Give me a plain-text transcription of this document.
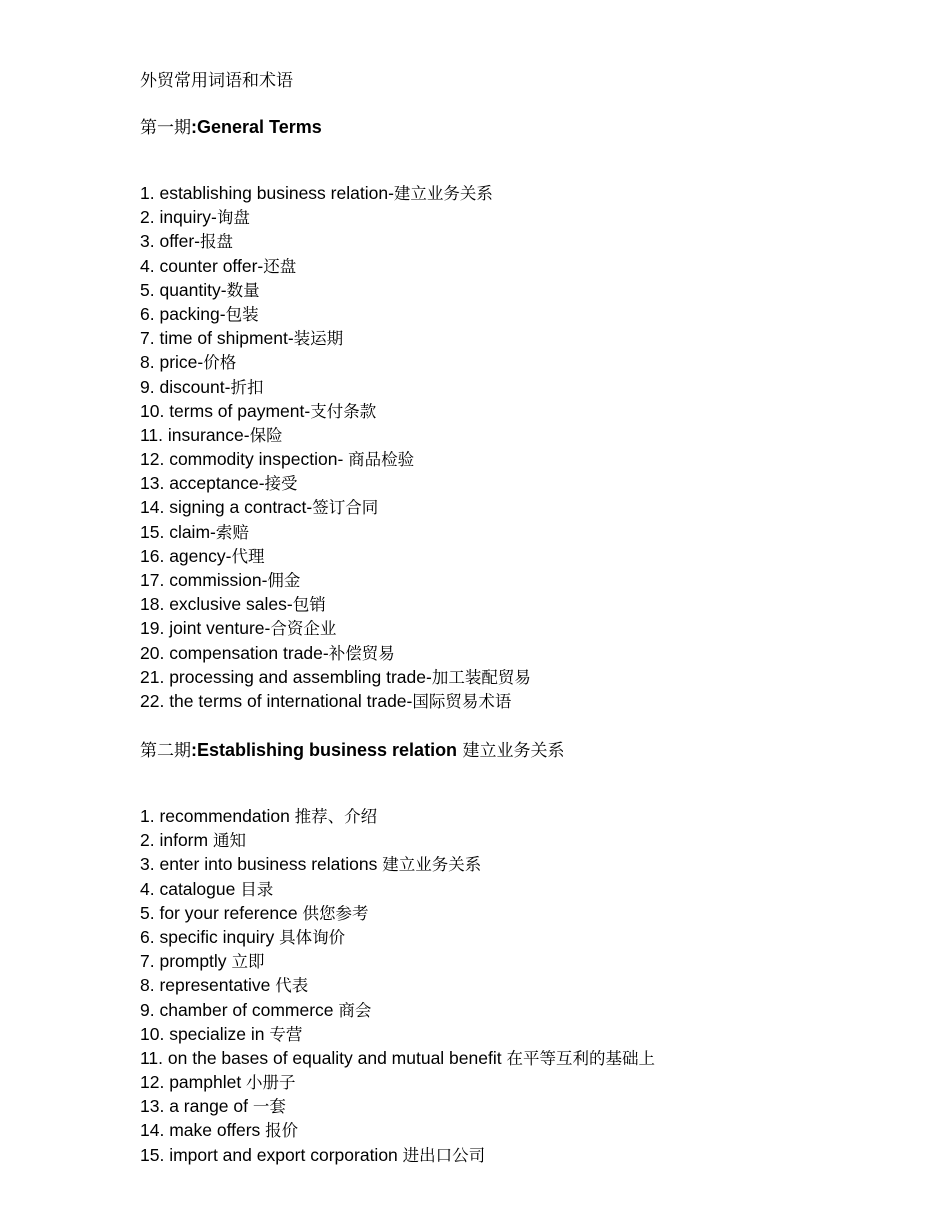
外贸常用词语和术语
第一期:General Terms
1. establishing business relation-建立业务关系
2. inquiry-询盘
3. offer-报盘
4. counter offer-还盘
5. quantity-数量
6. packing-包装
7. time of shipment-装运期
8. price-价格
9. discount-折扣
10. terms of payment-支付条款
11. insurance-保险
12. commodity inspection- 商品检验
13. acceptance-接受
14. signing a contract-签订合同
15. claim-索赔
16. agency-代理
17. commission-佣金
18. exclusive sales-包销
19. joint venture-合资企业
20. compensation trade-补偿贸易
21. processing and assembling trade-加工装配贸易
22. the terms of international trade-国际贸易术语
第二期:Establishing business relation 建立业务关系
1. recommendation 推荐、介绍
2. inform 通知
3. enter into business relations 建立业务关系
4. catalogue 目录
5. for your reference 供您参考
6. specific inquiry 具体询价
7. promptly 立即
8. representative 代表
9. chamber of commerce 商会
10. specialize in 专营
11. on the bases of equality and mutual benefit 在平等互利的基础上
12. pamphlet 小册子
13. a range of 一套
14. make offers 报价
15. import and export corporation 进出口公司
